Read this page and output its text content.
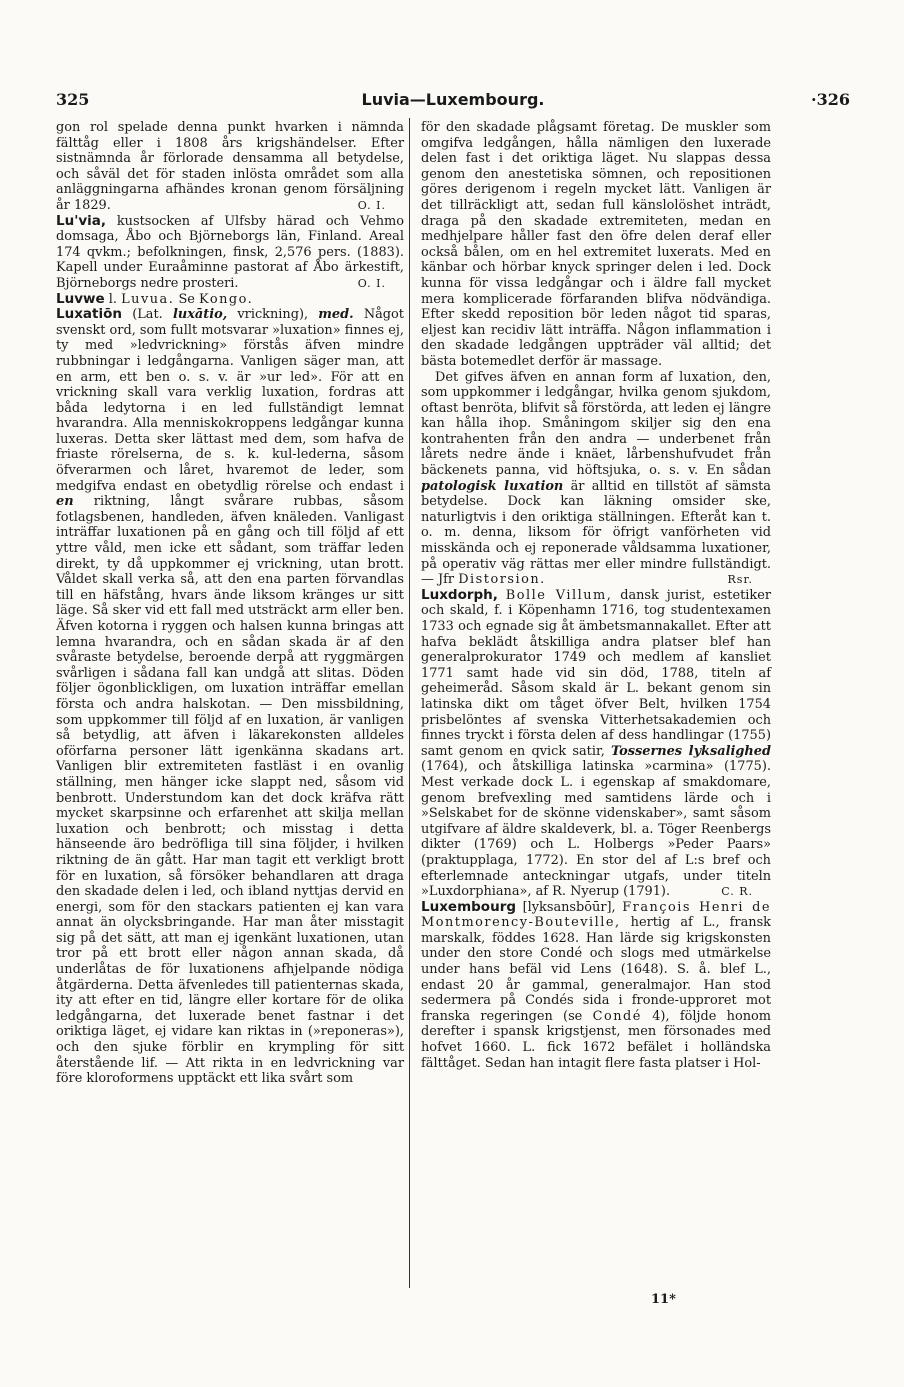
325	Luvia—Luxembourg.	·326

gon rol spelade denna punkt hvarken i nämnda fälttåg eller i 1808 års krigshändelser. Efter sistnämnda år förlorade densamma all betydelse, och såväl det för staden inlösta området som alla anläggningarna afhändes kronan genom försäljning år 1829.	O. I.

Lu'via, kustsocken af Ulfsby härad och Vehmo domsaga, Åbo och Björneborgs län, Finland. Areal 174 qvkm.; befolkningen, finsk, 2,576 pers. (1883). Kapell under Euraåminne pastorat af Åbo ärkestift, Björneborgs nedre prosteri.	O. I.

Luvwe l. Luvua. Se Kongo.

Luxatiōn (Lat. luxātio, vrickning), med. Något svenskt ord, som fullt motsvarar »luxation» finnes ej, ty med »ledvrickning» förstås äfven mindre rubbningar i ledgångarna. Vanligen säger man, att en arm, ett ben o. s. v. är »ur led». För att en vrickning skall vara verklig luxation, fordras att båda ledytorna i en led fullständigt lemnat hvarandra. Alla menniskokroppens ledgångar kunna luxeras. Detta sker lättast med dem, som hafva de friaste rörelserna, de s. k. kul-lederna, såsom öfverarmen och låret, hvaremot de leder, som medgifva endast en obetydlig rörelse och endast i en riktning, långt svårare rubbas, såsom fotlagsbenen, handleden, äfven knäleden. Vanligast inträffar luxationen på en gång och till följd af ett yttre våld, men icke ett sådant, som träffar leden direkt, ty då uppkommer ej vrickning, utan brott. Våldet skall verka så, att den ena parten förvandlas till en häfstång, hvars ände liksom kränges ur sitt läge. Så sker vid ett fall med utsträckt arm eller ben. Äfven kotorna i ryggen och halsen kunna bringas att lemna hvarandra, och en sådan skada är af den svåraste betydelse, beroende derpå att ryggmärgen svårligen i sådana fall kan undgå att slitas. Döden följer ögonblickligen, om luxation inträffar emellan första och andra halskotan. — Den missbildning, som uppkommer till följd af en luxation, är vanligen så betydlig, att äfven i läkarekonsten alldeles oförfarna personer lätt igenkänna skadans art. Vanligen blir extremiteten fastläst i en ovanlig ställning, men hänger icke slappt ned, såsom vid benbrott. Understundom kan det dock kräfva rätt mycket skarpsinne och erfarenhet att skilja mellan luxation och benbrott; och misstag i detta hänseende äro bedröfliga till sina följder, i hvilken riktning de än gått. Har man tagit ett verkligt brott för en luxation, så försöker behandlaren att draga den skadade delen i led, och ibland nyttjas dervid en energi, som för den stackars patienten ej kan vara annat än olycksbringande. Har man åter misstagit sig på det sätt, att man ej igenkänt luxationen, utan tror på ett brott eller någon annan skada, då underlåtas de för luxationens afhjelpande nödiga åtgärderna. Detta äfvenledes till patienternas skada, ity att efter en tid, längre eller kortare för de olika ledgångarna, det luxerade benet fastnar i det oriktiga läget, ej vidare kan riktas in (»reponeras»), och den sjuke förblir en krympling för sitt återstående lif. — Att rikta in en ledvrickning var före kloroformens upptäckt ett lika svårt som

för den skadade plågsamt företag. De muskler som omgifva ledgången, hålla nämligen den luxerade delen fast i det oriktiga läget. Nu slappas dessa genom den anestetiska sömnen, och repositionen göres derigenom i regeln mycket lätt. Vanligen är det tillräckligt att, sedan full känslolöshet inträdt, draga på den skadade extremiteten, medan en medhjelpare håller fast den öfre delen deraf eller också bålen, om en hel extremitet luxerats. Med en känbar och hörbar knyck springer delen i led. Dock kunna för vissa ledgångar och i äldre fall mycket mera komplicerade förfaranden blifva nödvändiga. Efter skedd reposition bör leden något tid sparas, eljest kan recidiv lätt inträffa. Någon inflammation i den skadade ledgången uppträder väl alltid; det bästa botemedlet derför är massage.

Det gifves äfven en annan form af luxation, den, som uppkommer i ledgångar, hvilka genom sjukdom, oftast benröta, blifvit så förstörda, att leden ej längre kan hålla ihop. Småningom skiljer sig den ena kontrahenten från den andra — underbenet från lårets nedre ände i knäet, lårbenshufvudet från bäckenets panna, vid höftsjuka, o. s. v. En sådan patologisk luxation är alltid en tillstöt af sämsta betydelse. Dock kan läkning omsider ske, naturligtvis i den oriktiga ställningen. Efteråt kan t. o. m. denna, liksom för öfrigt vanförheten vid misskända och ej reponerade våldsamma luxationer, på operativ väg rättas mer eller mindre fullständigt. — Jfr Distorsion.	Rsr.

Luxdorph, Bolle Villum, dansk jurist, estetiker och skald, f. i Köpenhamn 1716, tog studentexamen 1733 och egnade sig åt ämbetsmannakallet. Efter att hafva beklädt åtskilliga andra platser blef han generalprokurator 1749 och medlem af kansliet 1771 samt hade vid sin död, 1788, titeln af geheimeråd. Såsom skald är L. bekant genom sin latinska dikt om tåget öfver Belt, hvilken 1754 prisbelöntes af svenska Vitterhetsakademien och finnes tryckt i första delen af dess handlingar (1755) samt genom en qvick satir, Tossernes lyksalighed (1764), och åtskilliga latinska »carmina» (1775). Mest verkade dock L. i egenskap af smakdomare, genom brefvexling med samtidens lärde och i »Selskabet for de skönne videnskaber», samt såsom utgifvare af äldre skaldeverk, bl. a. Töger Reenbergs dikter (1769) och L. Holbergs »Peder Paars» (praktupplaga, 1772). En stor del af L:s bref och efterlemnade anteckningar utgafs, under titeln »Luxdorphiana», af R. Nyerup (1791).	C. R.

Luxembourg [lyksansbōūr], François Henri de Montmorency-Bouteville, hertig af L., fransk marskalk, föddes 1628. Han lärde sig krigskonsten under den store Condé och slogs med utmärkelse under hans befäl vid Lens (1648). S. å. blef L., endast 20 år gammal, generalmajor. Han stod sedermera på Condés sida i fronde-upproret mot franska regeringen (se Condé 4), följde honom derefter i spansk krigstjenst, men försonades med hofvet 1660. L. fick 1672 befälet i holländska fälttåget. Sedan han intagit flere fasta platser i Hol-

11*
